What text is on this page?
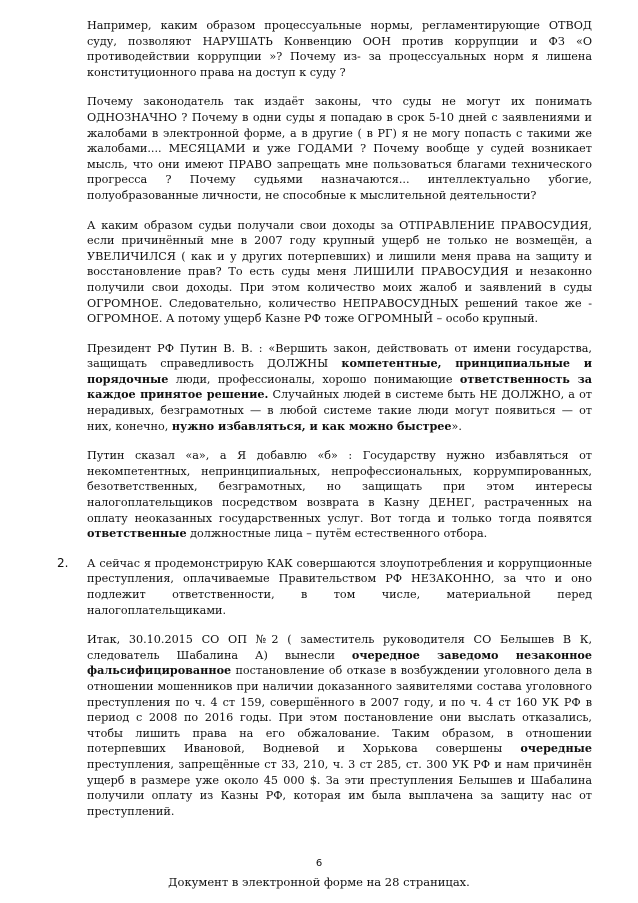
Например, каким образом процессуальные нормы, регламентирующие ОТВОД суду, позволяют НАРУШАТЬ Конвенцию ООН против коррупции и ФЗ «О противодействии коррупции »? Почему из- за процессуальных норм я лишена конституционного права на доступ к суду ?

Почему законодатель так издаёт законы, что суды не могут их понимать ОДНОЗНАЧНО ? Почему в одни суды я попадаю в срок 5-10 дней с заявлениями и жалобами в электронной форме, а в другие ( в РГ) я не могу попасть с такими же жалобами.... МЕСЯЦАМИ и уже ГОДАМИ ? Почему вообще у судей возникает мысль, что они имеют ПРАВО запрещать мне пользоваться благами технического прогресса ? Почему судьями назначаются... интеллектуально убогие, полуобразованные личности, не способные к мыслительной деятельности?

А каким образом судьи получали свои доходы за ОТПРАВЛЕНИЕ ПРАВОСУДИЯ, если причинённый мне в 2007 году крупный ущерб не только не возмещён, а УВЕЛИЧИЛСЯ ( как и у других потерпевших) и лишили меня права на защиту и восстановление прав? То есть суды меня ЛИШИЛИ ПРАВОСУДИЯ и незаконно получили свои доходы. При этом количество моих жалоб и заявлений в суды ОГРОМНОЕ. Следовательно, количество НЕПРАВОСУДНЫХ решений такое же - ОГРОМНОЕ. А потому ущерб Казне РФ тоже ОГРОМНЫЙ – особо крупный.

Президент РФ Путин В. В. : «Вершить закон, действовать от имени государства, защищать справедливость ДОЛЖНЫ компетентные, принципиальные и порядочные люди, профессионалы, хорошо понимающие ответственность за каждое принятое решение. Случайных людей в системе быть НЕ ДОЛЖНО, а от нерадивых, безграмотных — в любой системе такие люди могут появиться — от них, конечно, нужно избавляться, и как можно быстрее».

Путин сказал «а», а Я добавлю «б» : Государству нужно избавляться от некомпетентных, непринципиальных, непрофессиональных, коррумпированных, безответственных, безграмотных, но защищать при этом интересы налогоплательщиков посредством возврата в Казну ДЕНЕГ, растраченных на оплату неоказанных государственных услуг. Вот тогда и только тогда появятся ответственные должностные лица – путём естественного отбора.

2. А сейчас я продемонстрирую КАК совершаются злоупотребления и коррупционные преступления, оплачиваемые Правительством РФ НЕЗАКОННО, за что и оно подлежит ответственности, в том числе, материальной перед налогоплательщиками.

Итак, 30.10.2015 СО ОП №2 ( заместитель руководителя СО Белышев В К, следователь Шабалина А) вынесли очередное заведомо незаконное фальсифицированное постановление об отказе в возбуждении уголовного дела в отношении мошенников при наличии доказанного заявителями состава уголовного преступления по ч. 4 ст 159, совершённого в 2007 году, и по ч. 4 ст 160 УК РФ в период с 2008 по 2016 годы. При этом постановление они выслать отказались, чтобы лишить права на его обжалование. Таким образом, в отношении потерпевших Ивановой, Водневой и Хорьковa совершены очередные преступления, запрещённые ст 33, 210, ч. 3 ст 285, ст. 300 УК РФ и нам причинён ущерб в размере уже около 45 000 $. За эти преступления Белышев и Шабалина получили оплату из Казны РФ, которая им была выплачена за защиту нас от преступлений.

6
Документ в электронной форме на 28 страницах.
